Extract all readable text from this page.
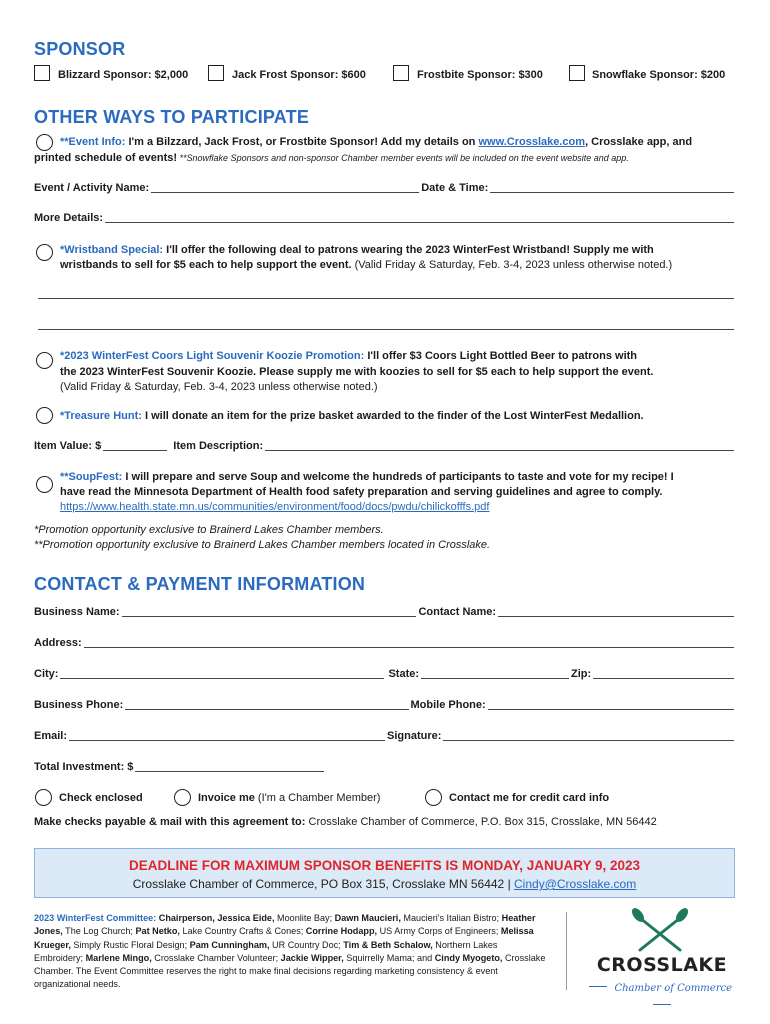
SPONSOR
Blizzard Sponsor: $2,000	Jack Frost Sponsor: $600	Frostbite Sponsor: $300	Snowflake Sponsor: $200
OTHER WAYS TO PARTICIPATE
**Event Info: I'm a Bilzzard, Jack Frost, or Frostbite Sponsor! Add my details on www.Crosslake.com, Crosslake app, and
printed schedule of events! **Snowflake Sponsors and non-sponsor Chamber member events will be included on the event website and app.
Event / Activity Name:	Date & Time:
More Details:
*Wristband Special: I'll offer the following deal to patrons wearing the 2023 WinterFest Wristband! Supply me with
wristbands to sell for $5 each to help support the event. (Valid Friday & Saturday, Feb. 3-4, 2023 unless otherwise noted.)
*2023 WinterFest Coors Light Souvenir Koozie Promotion: I'll offer $3 Coors Light Bottled Beer to patrons with
the 2023 WinterFest Souvenir Koozie. Please supply me with koozies to sell for $5 each to help support the event.
(Valid Friday & Saturday, Feb. 3-4, 2023 unless otherwise noted.)
*Treasure Hunt: I will donate an item for the prize basket awarded to the finder of the Lost WinterFest Medallion.
Item Value: $	Item Description:
**SoupFest: I will prepare and serve Soup and welcome the hundreds of participants to taste and vote for my recipe! I
have read the Minnesota Department of Health food safety preparation and serving guidelines and agree to comply.
https://www.health.state.mn.us/communities/environment/food/docs/pwdu/chilickofffs.pdf
*Promotion opportunity exclusive to Brainerd Lakes Chamber members.
**Promotion opportunity exclusive to Brainerd Lakes Chamber members located in Crosslake.
CONTACT & PAYMENT INFORMATION
Business Name:	Contact Name:
Address:
City:	State:	Zip:
Business Phone:	Mobile Phone:
Email:	Signature:
Total Investment: $
Check enclosed	Invoice me (I'm a Chamber Member)	Contact me for credit card info
Make checks payable & mail with this agreement to: Crosslake Chamber of Commerce, P.O. Box 315, Crosslake, MN 56442
DEADLINE FOR MAXIMUM SPONSOR BENEFITS IS MONDAY, JANUARY 9, 2023
Crosslake Chamber of Commerce, PO Box 315, Crosslake MN 56442 | Cindy@Crosslake.com
2023 WinterFest Committee: Chairperson, Jessica Eide, Moonlite Bay; Dawn Maucieri, Maucieri's Italian Bistro; Heather Jones, The Log Church; Pat Netko, Lake Country Crafts & Cones; Corrine Hodapp, US Army Corps of Engineers; Melissa Krueger, Simply Rustic Floral Design; Pam Cunningham, UR Country Doc; Tim & Beth Schalow, Northern Lakes Embroidery; Marlene Mingo, Crosslake Chamber Volunteer; Jackie Wipper, Squirrelly Mama; and Cindy Myogeto, Crosslake Chamber. The Event Committee reserves the right to make final decisions regarding marketing consistency & event organizational needs.
CROSSLAKE
Chamber of Commerce
